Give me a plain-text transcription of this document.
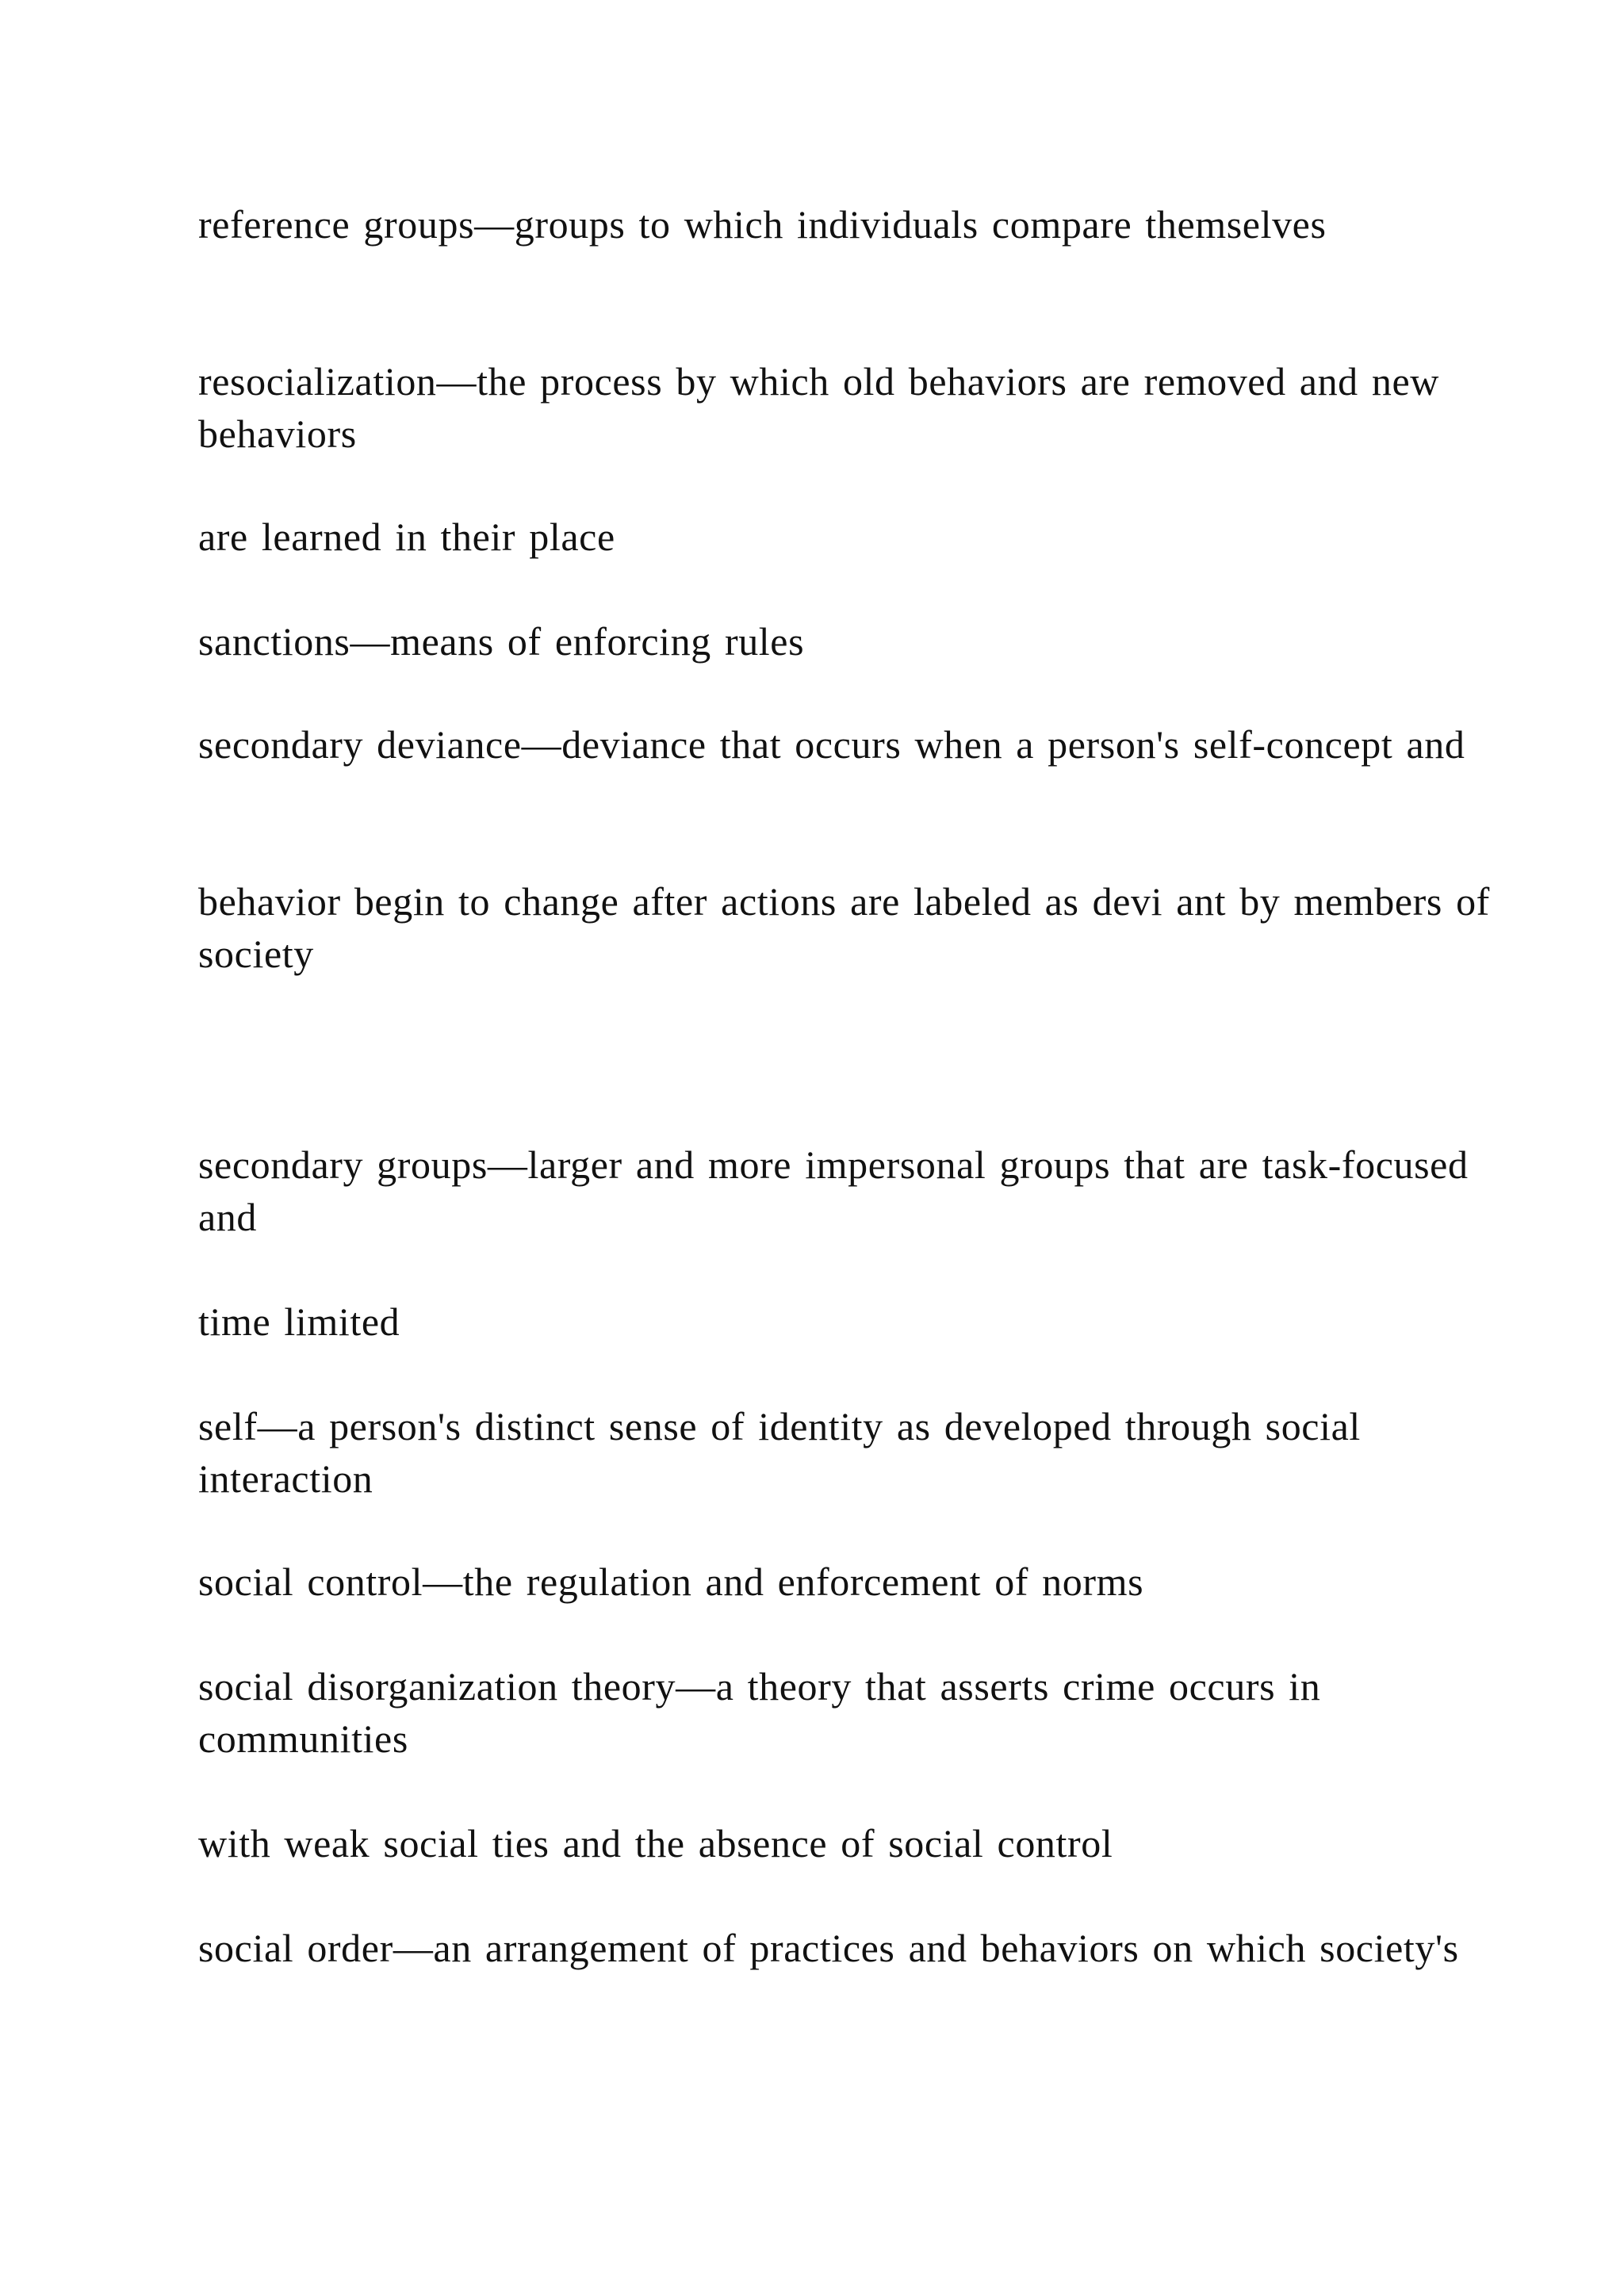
reference groups—groups to which individuals compare themselves
resocialization—the process by which old behaviors are removed and new behaviors
are learned in their place
sanctions—means of enforcing rules
secondary deviance—deviance that occurs when a person's self-concept and
behavior begin to change after actions are labeled as devi ant by members of society
secondary groups—larger and more impersonal groups that are task-focused and
time limited
self—a person's distinct sense of identity as developed through social interaction
social control—the regulation and enforcement of norms
social disorganization theory—a theory that asserts crime occurs in communities
with weak social ties and the absence of social control
social order—an arrangement of practices and behaviors on which society's
